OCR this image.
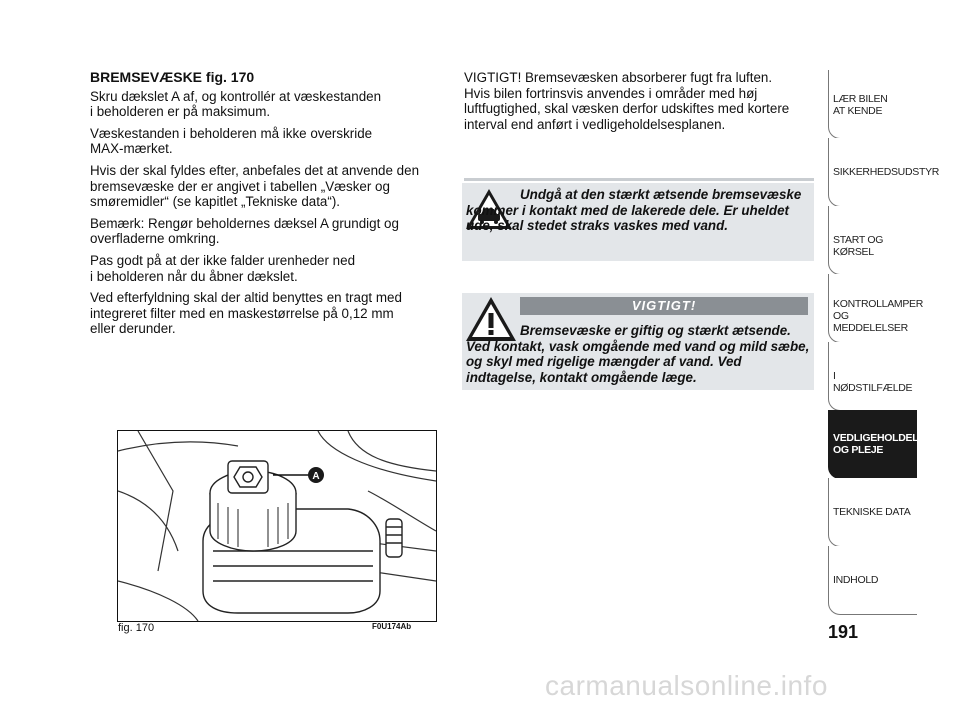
BREMSEVÆSKE fig. 170

Skru dækslet A af, og kontrollér at væskestanden
i beholderen er på maksimum.

Væskestanden i beholderen må ikke overskride
MAX-mærket.

Hvis der skal fyldes efter, anbefales det at anvende den
bremsevæske der er angivet i tabellen „Væsker og
smøremidler“ (se kapitlet „Tekniske data“).

Bemærk: Rengør beholdernes dæksel A grundigt og
overfladerne omkring.

Pas godt på at der ikke falder urenheder ned
i beholderen når du åbner dækslet.

Ved efterfyldning skal der altid benyttes en tragt med
integreret filter med en maskestørrelse på 0,12 mm
eller derunder.

VIGTIGT! Bremsevæsken absorberer fugt fra luften.
Hvis bilen fortrinsvis anvendes i områder med høj
luftfugtighed, skal væsken derfor udskiftes med kortere
interval end anført i vedligeholdelsesplanen.
Undgå at den stærkt ætsende bremsevæske kommer i kontakt med de lakerede dele. Er uheldet ude, skal stedet straks vaskes med vand.
VIGTIGT!
Bremsevæske er giftig og stærkt ætsende. Ved kontakt, vask omgående med vand og mild sæbe, og skyl med rigelige mængder af vand. Ved indtagelse, kontakt omgående læge.
A
fig. 170	F0U174Ab
LÆR BILEN
AT KENDE
SIKKERHEDSUDSTYR
START OG KØRSEL
KONTROLLAMPER
OG MEDDELELSER
I NØDSTILFÆLDE
VEDLIGEHOLDELSE
OG PLEJE
TEKNISKE DATA
INDHOLD
191
carmanualsonline.info
